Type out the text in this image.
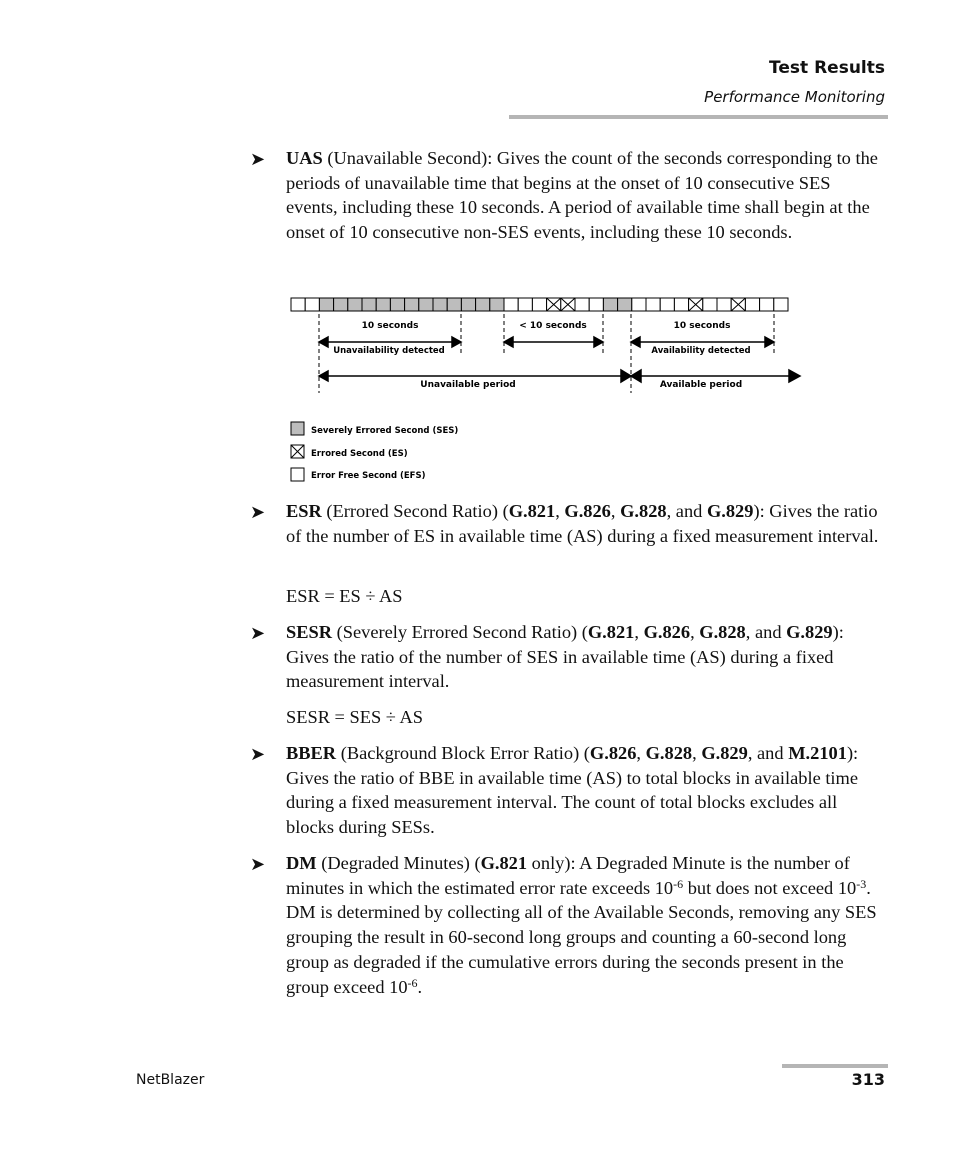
Test Results
Performance Monitoring
➤ UAS (Unavailable Second): Gives the count of the seconds corresponding to the periods of unavailable time that begins at the onset of 10 consecutive SES events, including these 10 seconds. A period of available time shall begin at the onset of 10 consecutive non-SES events, including these 10 seconds.
10 seconds	< 10 seconds	10 seconds
Unavailability detected	Availability detected
Unavailable period	Available period
Severely Errored Second (SES)
Errored Second (ES)
Error Free Second (EFS)
➤ ESR (Errored Second Ratio) (G.821, G.826, G.828, and G.829): Gives the ratio of the number of ES in available time (AS) during a fixed measurement interval.
ESR = ES ÷ AS
➤ SESR (Severely Errored Second Ratio) (G.821, G.826, G.828, and G.829): Gives the ratio of the number of SES in available time (AS) during a fixed measurement interval.
SESR = SES ÷ AS
➤ BBER (Background Block Error Ratio) (G.826, G.828, G.829, and M.2101): Gives the ratio of BBE in available time (AS) to total blocks in available time during a fixed measurement interval. The count of total blocks excludes all blocks during SESs.
➤ DM (Degraded Minutes) (G.821 only): A Degraded Minute is the number of minutes in which the estimated error rate exceeds $10^{-6}$ but does not exceed $10^{-3}$. DM is determined by collecting all of the Available Seconds, removing any SES grouping the result in 60-second long groups and counting a 60-second long group as degraded if the cumulative errors during the seconds present in the group exceed $10^{-6}$.
NetBlazer	313
